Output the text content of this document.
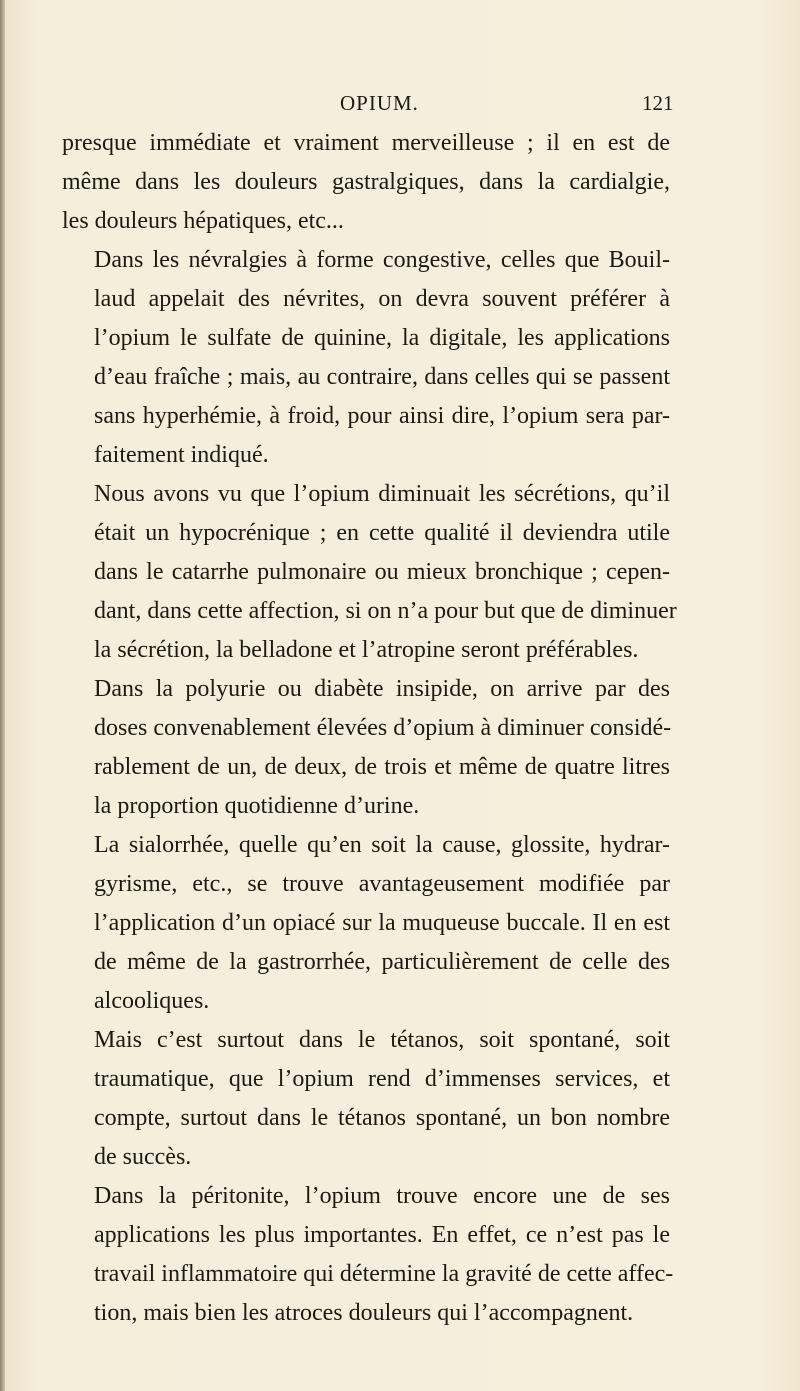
OPIUM.	121

presque immédiate et vraiment merveilleuse ; il en est de
même dans les douleurs gastralgiques, dans la cardialgie,
les douleurs hépatiques, etc...

Dans les névralgies à forme congestive, celles que Bouil-
laud appelait des névrites, on devra souvent préférer à
l’opium le sulfate de quinine, la digitale, les applications
d’eau fraîche ; mais, au contraire, dans celles qui se passent
sans hyperhémie, à froid, pour ainsi dire, l’opium sera par-
faitement indiqué.

Nous avons vu que l’opium diminuait les sécrétions, qu’il
était un hypocrénique ; en cette qualité il deviendra utile
dans le catarrhe pulmonaire ou mieux bronchique ; cepen-
dant, dans cette affection, si on n’a pour but que de diminuer
la sécrétion, la belladone et l’atropine seront préférables.

Dans la polyurie ou diabète insipide, on arrive par des
doses convenablement élevées d’opium à diminuer considé-
rablement de un, de deux, de trois et même de quatre litres
la proportion quotidienne d’urine.

La sialorrhée, quelle qu’en soit la cause, glossite, hydrar-
gyrisme, etc., se trouve avantageusement modifiée par
l’application d’un opiacé sur la muqueuse buccale. Il en est
de même de la gastrorrhée, particulièrement de celle des
alcooliques.

Mais c’est surtout dans le tétanos, soit spontané, soit
traumatique, que l’opium rend d’immenses services, et
compte, surtout dans le tétanos spontané, un bon nombre
de succès.

Dans la péritonite, l’opium trouve encore une de ses
applications les plus importantes. En effet, ce n’est pas le
travail inflammatoire qui détermine la gravité de cette affec-
tion, mais bien les atroces douleurs qui l’accompagnent.
